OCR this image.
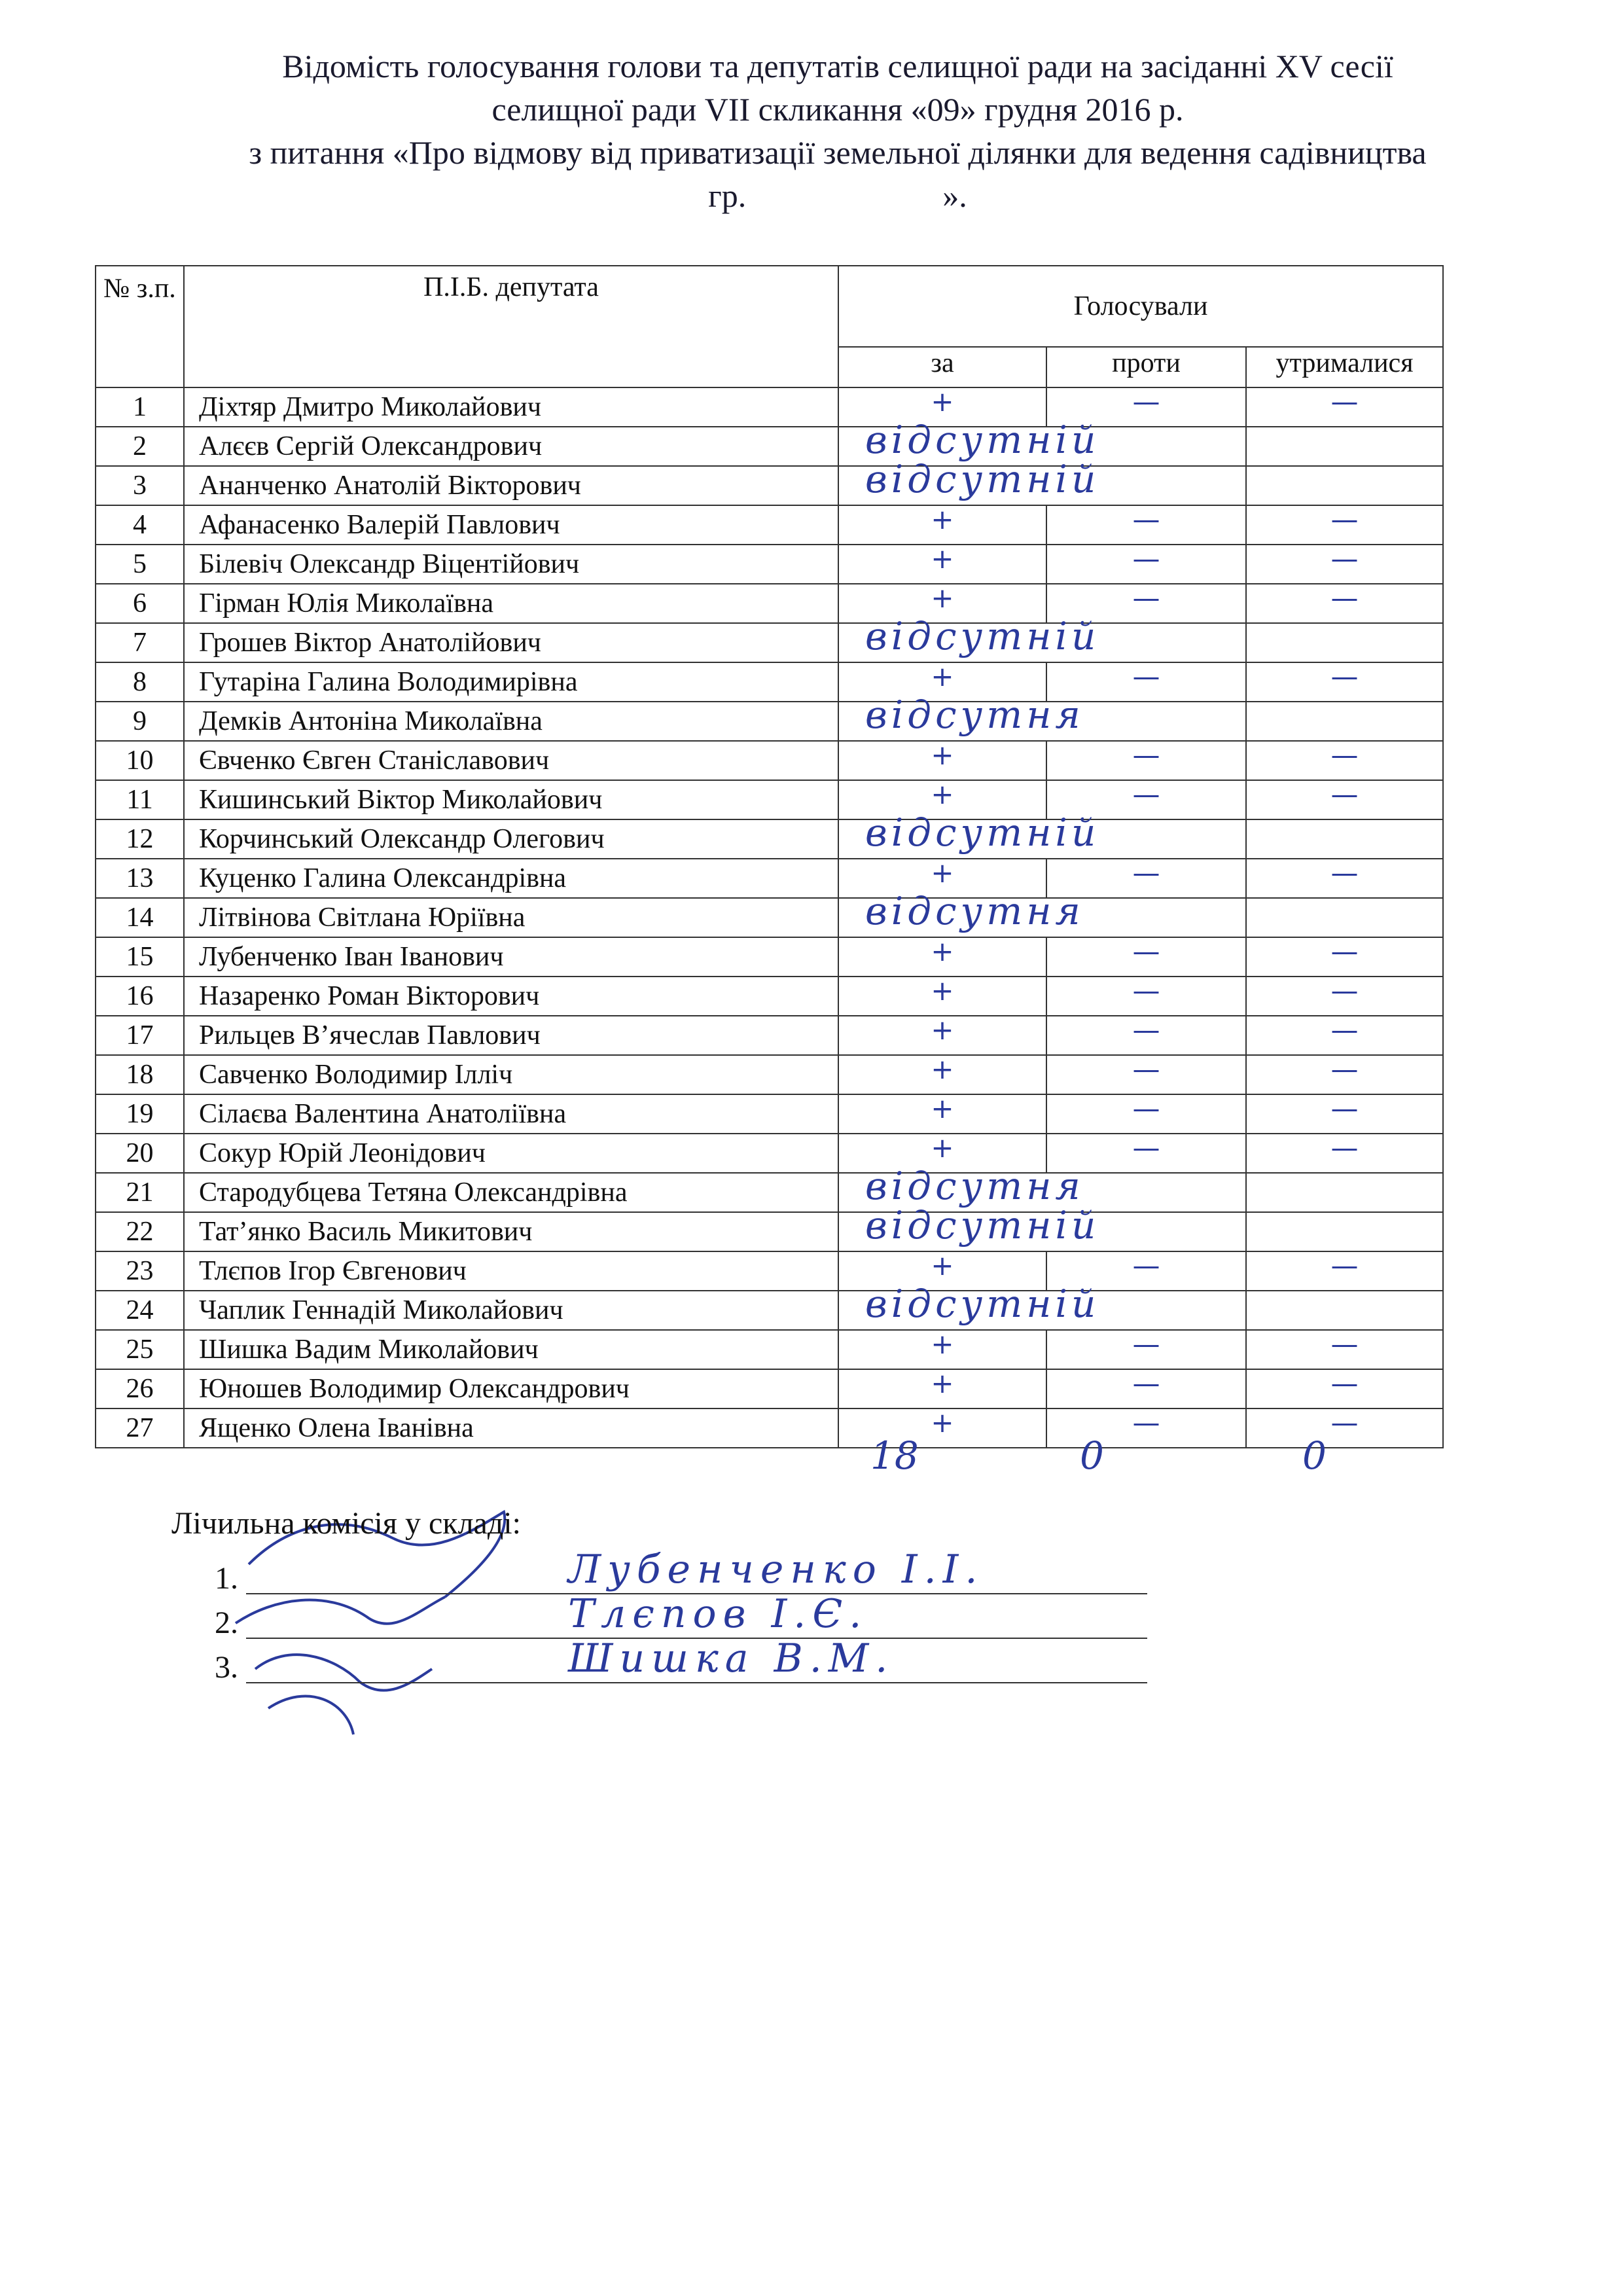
Відомість голосування голови та депутатів селищної ради на засіданні XV сесії
селищної ради VII скликання «09» грудня 2016 р.
з питання «Про відмову від приватизації земельної ділянки для ведення садівництва
гр.	».
№ з.п.	П.І.Б. депутата	Голосували		
		за	проти	утрималися
1	Діхтяр Дмитро Миколайович	+	—	—

2	Алєєв Сергій Олександрович	відсутній		

3	Ананченко Анатолій Вікторович	відсутній		

4	Афанасенко Валерій Павлович	+	—	—

5	Білевіч Олександр Віцентійович	+	—	—

6	Гірман Юлія Миколаївна	+	—	—

7	Грошев Віктор Анатолійович	відсутній		

8	Гутаріна Галина Володимирівна	+	—	—

9	Демків Антоніна Миколаївна	відсутня		

10	Євченко Євген Станіславович	+	—	—

11	Кишинський Віктор Миколайович	+	—	—

12	Корчинський Олександр Олегович	відсутній		

13	Куценко Галина Олександрівна	+	—	—

14	Літвінова Світлана Юріївна	відсутня		

15	Лубенченко Іван Іванович	+	—	—

16	Назаренко Роман Вікторович	+	—	—

17	Рильцев В’ячеслав Павлович	+	—	—

18	Савченко Володимир Ілліч	+	—	—

19	Сілаєва Валентина Анатоліївна	+	—	—

20	Сокур Юрій Леонідович	+	—	—

21	Стародубцева Тетяна Олександрівна	відсутня		

22	Тат’янко Василь Микитович	відсутній		

23	Тлєпов Ігор Євгенович	+	—	—

24	Чаплик Геннадій Миколайович	відсутній		

25	Шишка Вадим Миколайович	+	—	—

26	Юношев Володимир Олександрович	+	—	—

27	Ященко Олена Іванівна	+	—	—
18	0	0
Лічильна комісія у складі:
1.	Лубенченко І.І.
2.	Тлєпов І.Є.
3.	Шишка В.М.
